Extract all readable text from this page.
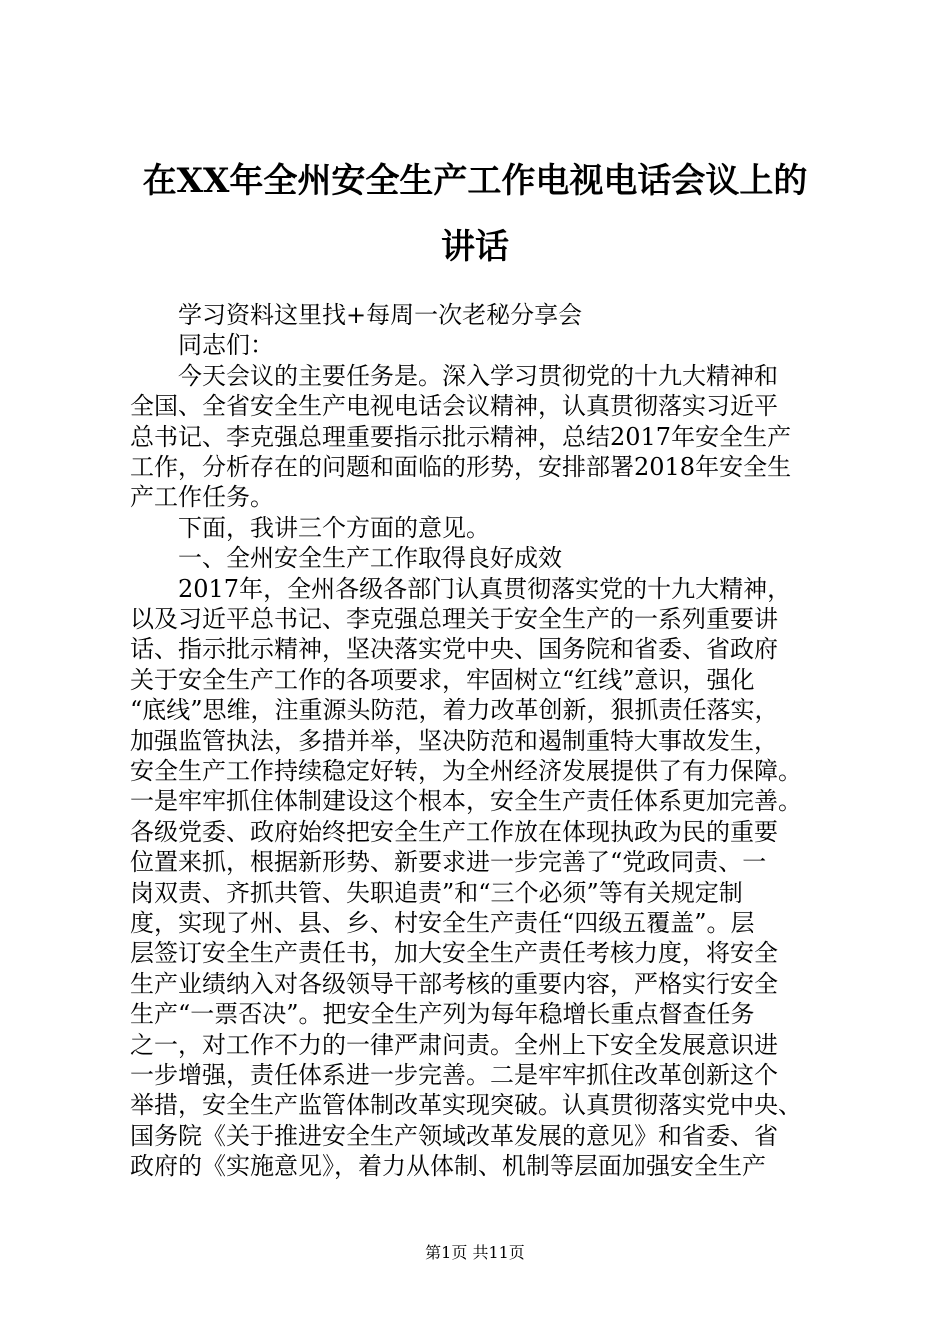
在XX年全州安全生产工作电视电话会议上的
讲话
　　学习资料这里找+每周一次老秘分享会
　　同志们：
　　今天会议的主要任务是。深入学习贯彻党的十九大精神和
全国、全省安全生产电视电话会议精神，认真贯彻落实习近平
总书记、李克强总理重要指示批示精神，总结2017年安全生产
工作，分析存在的问题和面临的形势，安排部署2018年安全生
产工作任务。
　　下面，我讲三个方面的意见。
　　一、全州安全生产工作取得良好成效
　　2017年，全州各级各部门认真贯彻落实党的十九大精神，
以及习近平总书记、李克强总理关于安全生产的一系列重要讲
话、指示批示精神，坚决落实党中央、国务院和省委、省政府
关于安全生产工作的各项要求，牢固树立“红线”意识，强化
“底线”思维，注重源头防范，着力改革创新，狠抓责任落实，
加强监管执法，多措并举，坚决防范和遏制重特大事故发生，
安全生产工作持续稳定好转，为全州经济发展提供了有力保障。
一是牢牢抓住体制建设这个根本，安全生产责任体系更加完善。
各级党委、政府始终把安全生产工作放在体现执政为民的重要
位置来抓，根据新形势、新要求进一步完善了“党政同责、一
岗双责、齐抓共管、失职追责”和“三个必须”等有关规定制
度，实现了州、县、乡、村安全生产责任“四级五覆盖”。层
层签订安全生产责任书，加大安全生产责任考核力度，将安全
生产业绩纳入对各级领导干部考核的重要内容，严格实行安全
生产“一票否决”。把安全生产列为每年稳增长重点督查任务
之一，对工作不力的一律严肃问责。全州上下安全发展意识进
一步增强，责任体系进一步完善。二是牢牢抓住改革创新这个
举措，安全生产监管体制改革实现突破。认真贯彻落实党中央、
国务院《关于推进安全生产领域改革发展的意见》和省委、省
政府的《实施意见》，着力从体制、机制等层面加强安全生产
第1页 共11页
